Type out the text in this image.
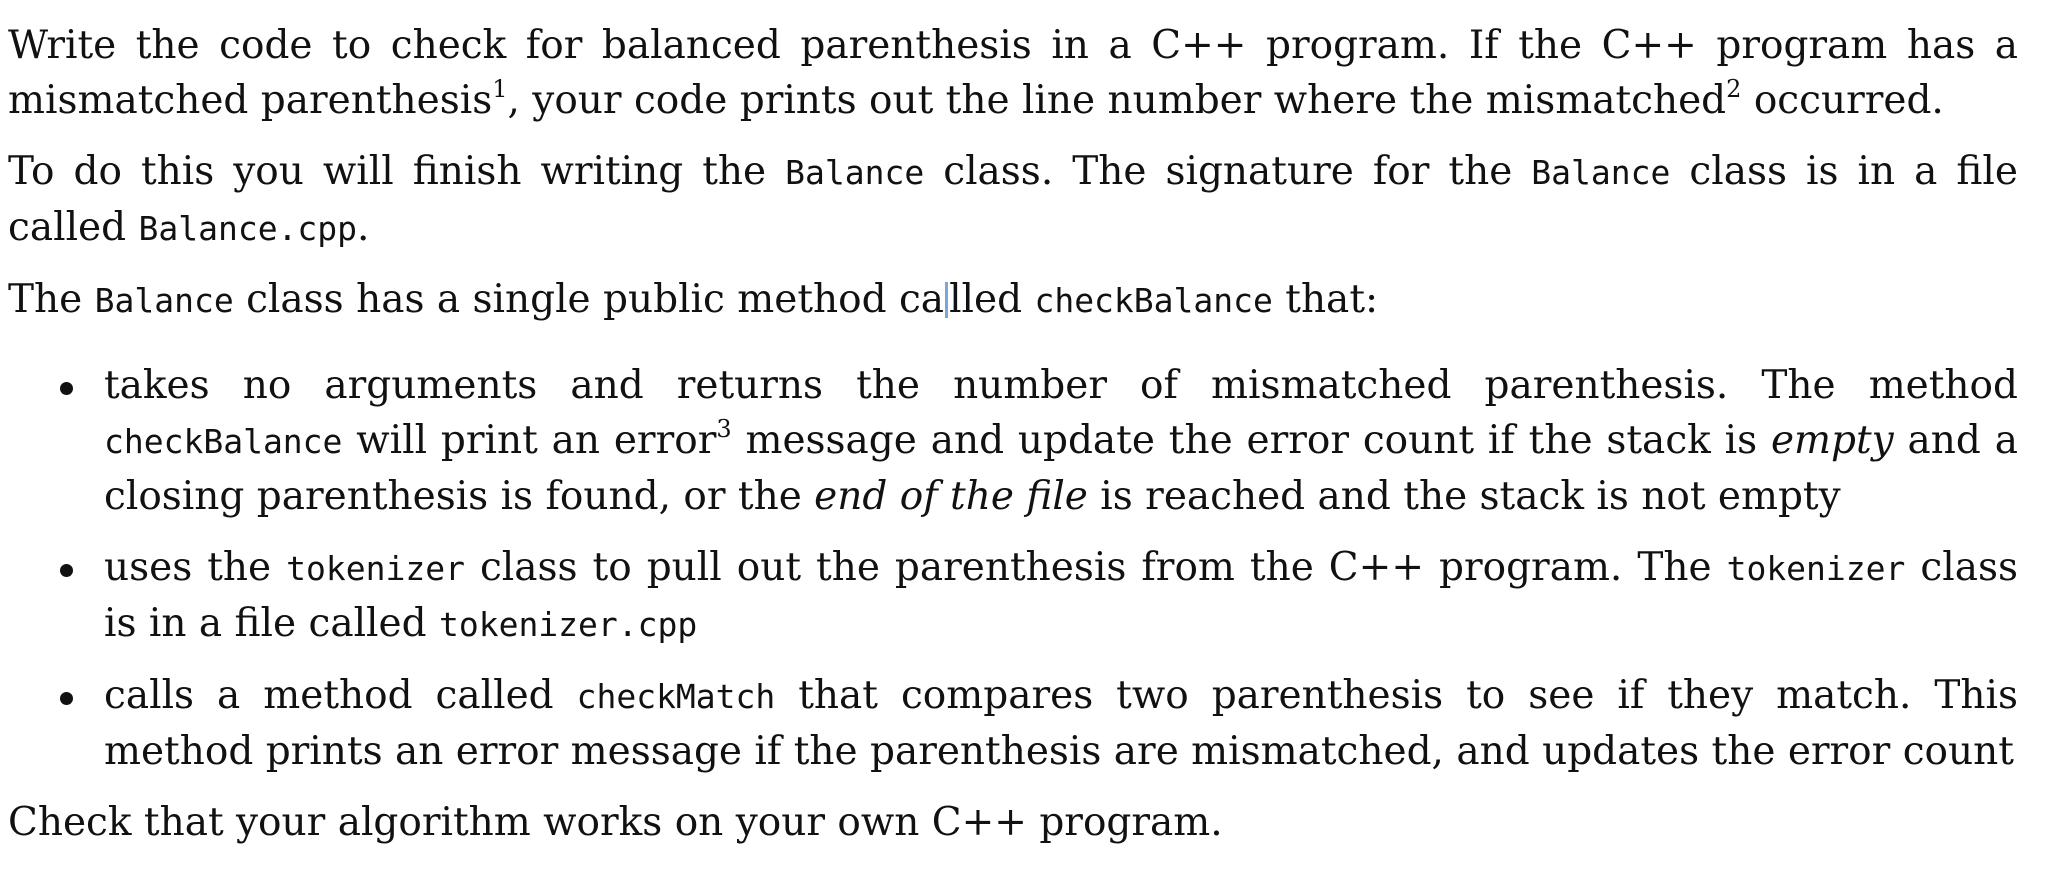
Write the code to check for balanced parenthesis in a C++ program. If the C++ program has a mismatched parenthesis$^1$, your code prints out the line number where the mismatched$^2$ occurred.

To do this you will finish writing the Balance class. The signature for the Balance class is in a file called Balance.cpp.

The Balance class has a single public method ca lled checkBalance that:

takes no arguments and returns the number of mismatched parenthesis. The method checkBalance will print an error$^3$ message and update the error count if the stack is empty and a closing parenthesis is found, or the end of the file is reached and the stack is not empty
uses the tokenizer class to pull out the parenthesis from the C++ program. The tokenizer class is in a file called tokenizer.cpp
calls a method called checkMatch that compares two parenthesis to see if they match. This method prints an error message if the parenthesis are mismatched, and updates the error count

Check that your algorithm works on your own C++ program.
